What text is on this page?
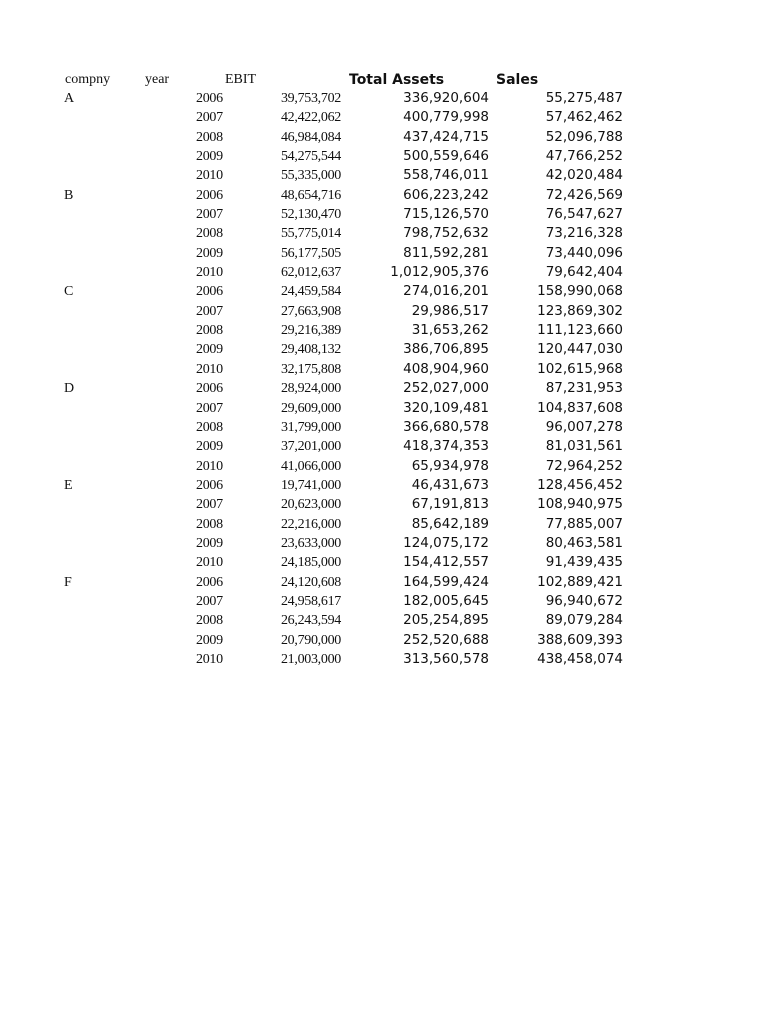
compny year	EBIT	Total Assets	Sales
A	2006	39,753,702	336,920,604	55,275,487
2007	42,422,062	400,779,998	57,462,462
2008	46,984,084	437,424,715	52,096,788
2009	54,275,544	500,559,646	47,766,252
2010	55,335,000	558,746,011	42,020,484
B	2006	48,654,716	606,223,242	72,426,569
2007	52,130,470	715,126,570	76,547,627
2008	55,775,014	798,752,632	73,216,328
2009	56,177,505	811,592,281	73,440,096
2010	62,012,637	1,012,905,376	79,642,404
C	2006	24,459,584	274,016,201	158,990,068
2007	27,663,908	29,986,517	123,869,302
2008	29,216,389	31,653,262	111,123,660
2009	29,408,132	386,706,895	120,447,030
2010	32,175,808	408,904,960	102,615,968
D	2006	28,924,000	252,027,000	87,231,953
2007	29,609,000	320,109,481	104,837,608
2008	31,799,000	366,680,578	96,007,278
2009	37,201,000	418,374,353	81,031,561
2010	41,066,000	65,934,978	72,964,252
E	2006	19,741,000	46,431,673	128,456,452
2007	20,623,000	67,191,813	108,940,975
2008	22,216,000	85,642,189	77,885,007
2009	23,633,000	124,075,172	80,463,581
2010	24,185,000	154,412,557	91,439,435
F	2006	24,120,608	164,599,424	102,889,421
2007	24,958,617	182,005,645	96,940,672
2008	26,243,594	205,254,895	89,079,284
2009	20,790,000	252,520,688	388,609,393
2010	21,003,000	313,560,578	438,458,074
